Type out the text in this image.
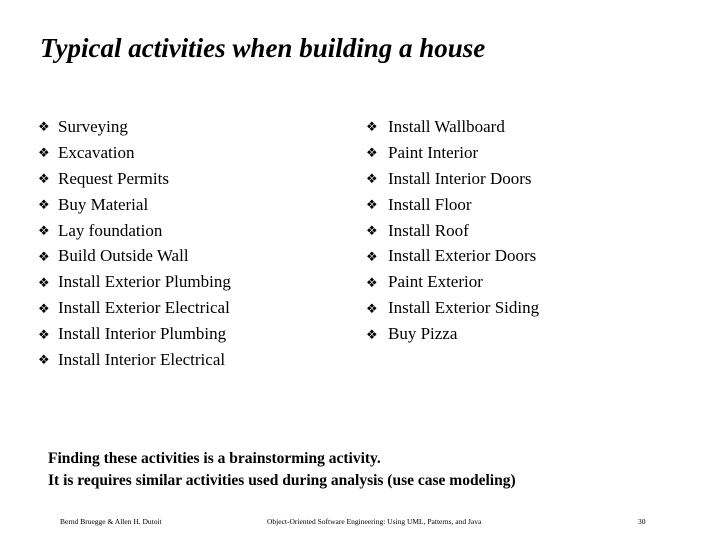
Typical activities when building a house
❖ Surveying
❖ Excavation
❖ Request Permits
❖ Buy Material
❖ Lay foundation
❖ Build Outside Wall
❖ Install Exterior Plumbing
❖ Install Exterior Electrical
❖ Install Interior Plumbing
❖ Install Interior Electrical
❖ Install Wallboard
❖ Paint Interior
❖ Install Interior Doors
❖ Install Floor
❖ Install Roof
❖ Install Exterior Doors
❖ Paint Exterior
❖ Install Exterior Siding
❖ Buy Pizza
Finding these activities is a brainstorming activity.
It is requires similar activities used during analysis (use case modeling)
Bernd Bruegge & Allen H. Dutoit	Object-Oriented Software Engineering: Using UML, Patterns, and Java	30
